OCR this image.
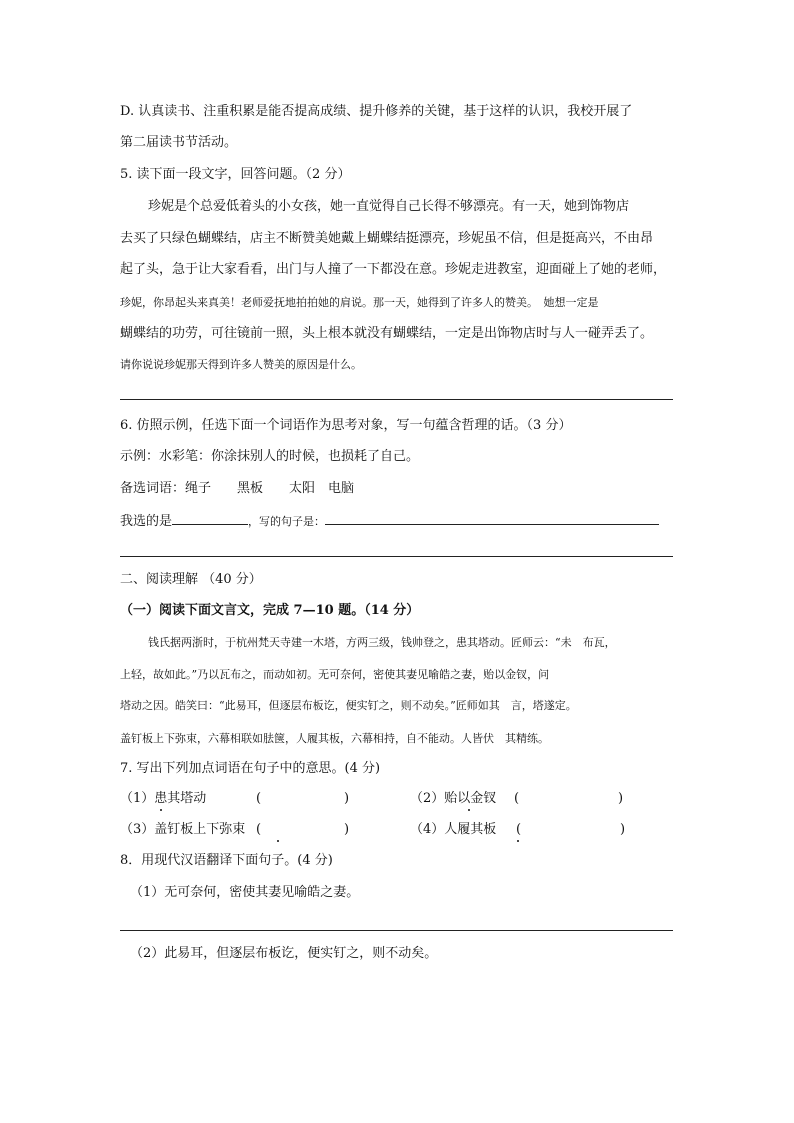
D. 认真读书、注重积累是能否提高成绩、提升修养的关键，基于这样的认识，我校开展了
第二届读书节活动。
5. 读下面一段文字，回答问题。（2 分）
珍妮是个总爱低着头的小女孩，她一直觉得自己长得不够漂亮。有一天，她到饰物店
去买了只绿色蝴蝶结，店主不断赞美她戴上蝴蝶结挺漂亮，珍妮虽不信，但是挺高兴，不由昂
起了头，急于让大家看看，出门与人撞了一下都没在意。珍妮走进教室，迎面碰上了她的老师，
珍妮，你昂起头来真美！老师爱抚地拍拍她的肩说。那一天，她得到了许多人的赞美。　她想一定是
蝴蝶结的功劳，可往镜前一照，头上根本就没有蝴蝶结，一定是出饰物店时与人一碰弄丢了。
请你说说珍妮那天得到许多人赞美的原因是什么。
6. 仿照示例，任选下面一个词语作为思考对象，写一句蕴含哲理的话。（3 分）
示例：水彩笔：你涂抹别人的时候，也损耗了自己。
备选词语：绳子　　黑板　　太阳　电脑
我选的是	，写的句子是：
二、阅读理解 （40 分）
（一）阅读下面文言文，完成 7—10 题。（14 分）
钱氏据两浙时，于杭州梵天寺建一木塔，方两三级，钱帅登之，患其塔动。匠师云：“未　布瓦，
上轻，故如此。”乃以瓦布之，而动如初。无可奈何，密使其妻见喻皓之妻，贻以金钗，问
塔动之因。皓笑曰：“此易耳，但逐层布板讫，便实钉之，则不动矣。”匠师如其　言，塔遂定。
盖钉板上下弥束，六幕相联如胠箧，人履其板，六幕相持，自不能动。人皆伏　其精练。
7. 写出下列加点词语在句子中的意思。(4 分)
（1）患其塔动	(	)	（2）贻以金钗 (	)
（3）盖钉板上下弥束 (	)	（4）人履其板 (	)

8．用现代汉语翻译下面句子。(4 分)
（1）无可奈何，密使其妻见喻皓之妻。
（2）此易耳，但逐层布板讫，便实钉之，则不动矣。
